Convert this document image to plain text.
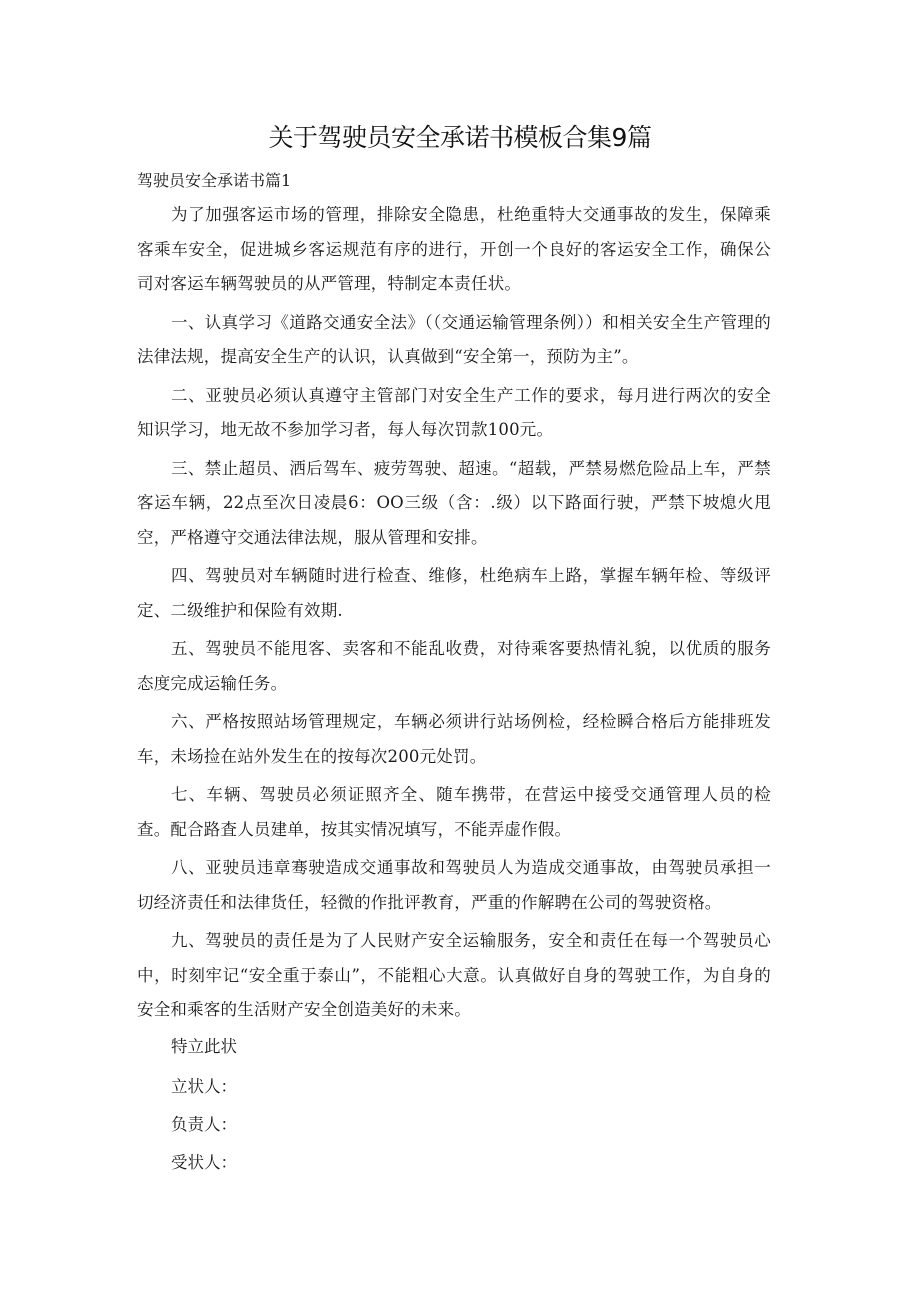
关于驾驶员安全承诺书模板合集9篇
驾驶员安全承诺书篇1

为了加强客运市场的管理，排除安全隐患，杜绝重特大交通事故的发生，保障乘客乘车安全，促进城乡客运规范有序的进行，开创一个良好的客运安全工作，确保公司对客运车辆驾驶员的从严管理，特制定本责任状。

一、认真学习《道路交通安全法》（（交通运输管理条例））和相关安全生产管理的法律法规，提高安全生产的认识，认真做到“安全第一，预防为主”。

二、亚驶员必须认真遵守主管部门对安全生产工作的要求，每月进行两次的安全知识学习，地无故不参加学习者，每人每次罚款100元。

三、禁止超员、洒后驾车、疲劳驾驶、超速。“超载，严禁易燃危险品上车，严禁客运车辆，22点至次日凌晨6：OO三级（含：.级）以下路面行驶，严禁下坡熄火甩空，严格遵守交通法律法规，服从管理和安排。

四、驾驶员对车辆随时进行检查、维修，杜绝病车上路，掌握车辆年检、等级评定、二级维护和保险有效期.

五、驾驶员不能甩客、卖客和不能乱收费，对待乘客要热情礼貌，以优质的服务态度完成运输任务。

六、严格按照站场管理规定，车辆必须讲行站场例检，经检瞬合格后方能排班发车，未场捡在站外发生在的按每次200元处罚。

七、车辆、驾驶员必须证照齐全、随车携带，在营运中接受交通管理人员的检查。配合路査人员建单，按其实情况填写，不能弄虚作假。

八、亚驶员违章骞驶造成交通事故和驾驶员人为造成交通事故，由驾驶员承担一切经济责任和法律货任，轻微的作批评教育，严重的作解聘在公司的驾驶资格。

九、驾驶员的责任是为了人民财产安全运输服务，安全和责任在每一个驾驶员心中，时刻牢记“安全重于泰山”，不能粗心大意。认真做好自身的驾驶工作，为自身的安全和乘客的生活财产安全创造美好的未来。

特立此状
立状人：
负责人：
受状人：
